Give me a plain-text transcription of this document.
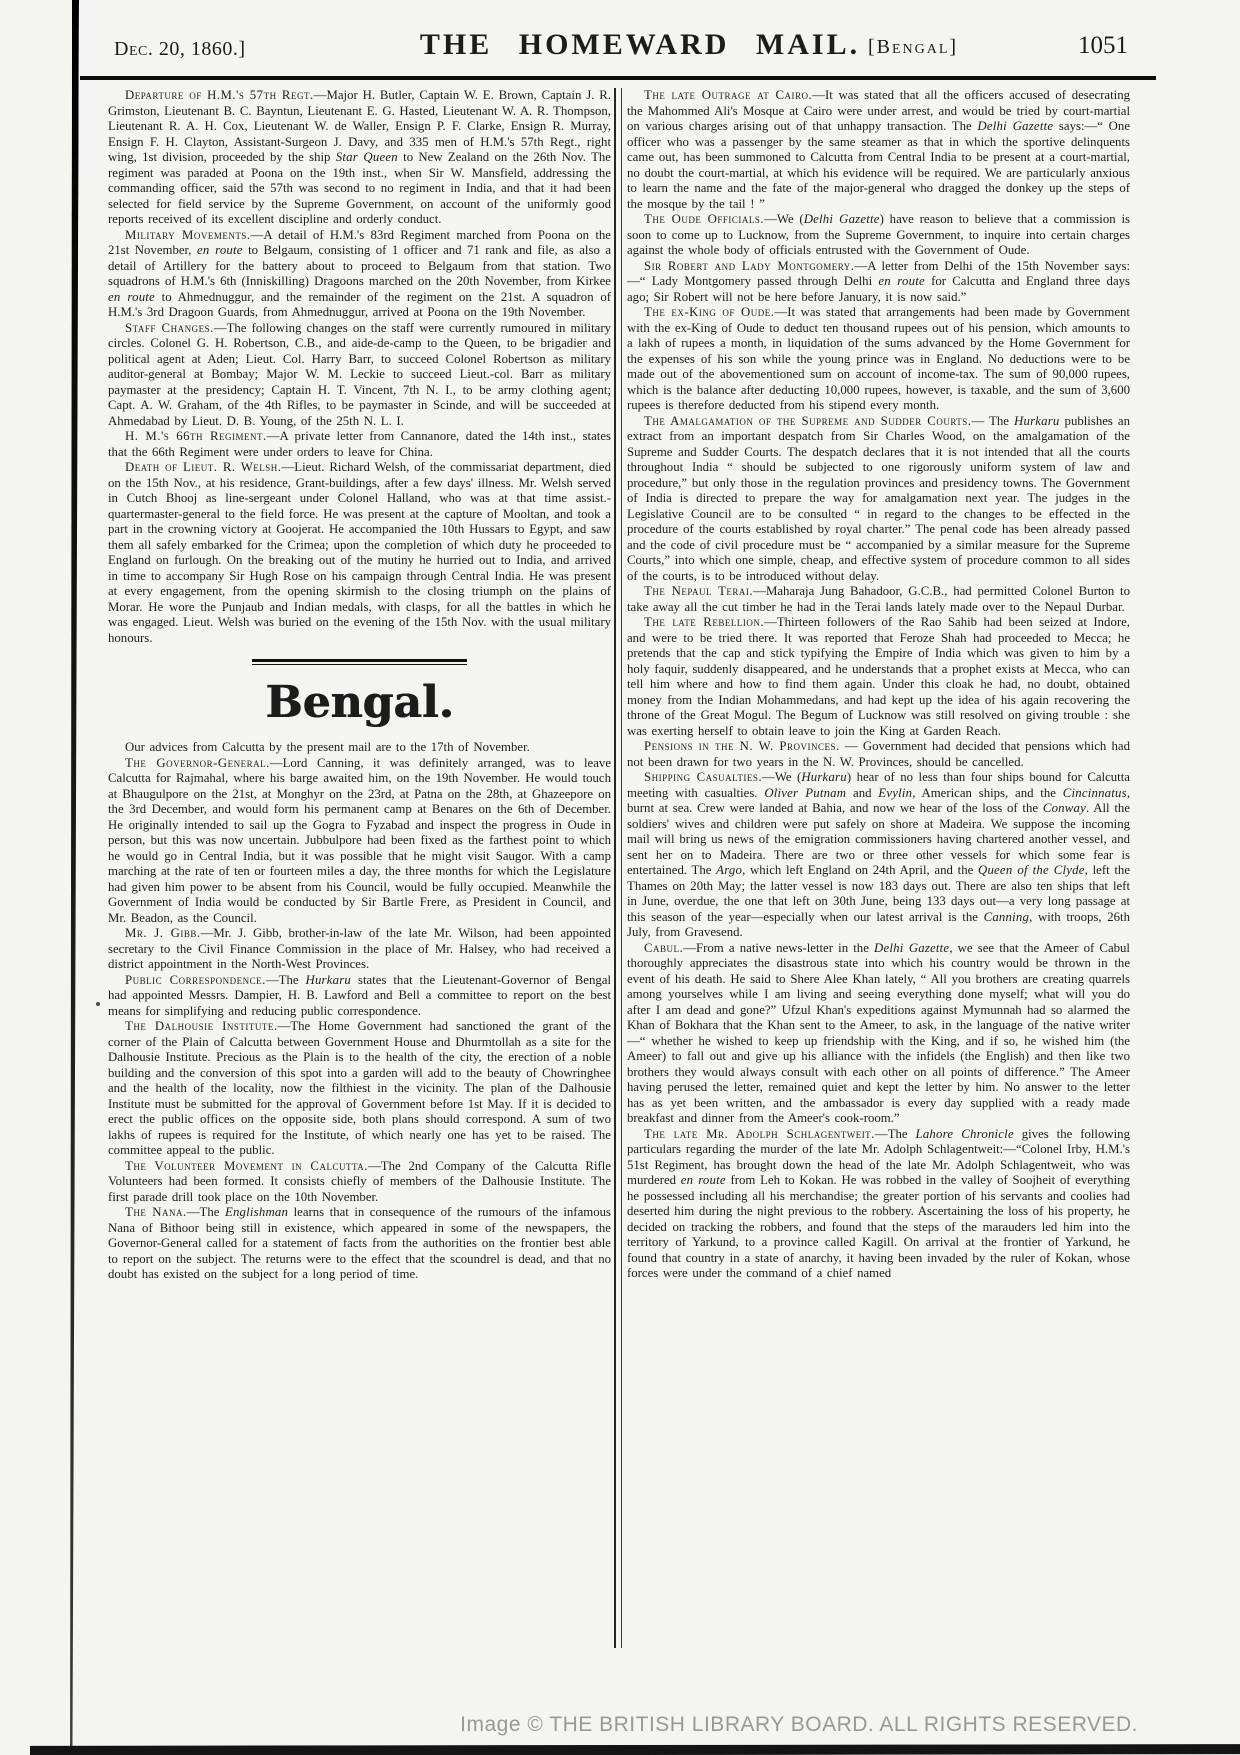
Dec. 20, 1860.]	THE HOMEWARD MAIL. [Bengal]	1051

Departure of H.M.'s 57th Regt.—Major H. Butler, Captain W. E. Brown, Captain J. R. Grimston, Lieutenant B. C. Bayntun, Lieutenant E. G. Hasted, Lieutenant W. A. R. Thompson, Lieutenant R. A. H. Cox, Lieutenant W. de Waller, Ensign P. F. Clarke, Ensign R. Murray, Ensign F. H. Clayton, Assistant-Surgeon J. Davy, and 335 men of H.M.'s 57th Regt., right wing, 1st division, proceeded by the ship Star Queen to New Zealand on the 26th Nov. The regiment was paraded at Poona on the 19th inst., when Sir W. Mansfield, addressing the commanding officer, said the 57th was second to no regiment in India, and that it had been selected for field service by the Supreme Government, on account of the uniformly good reports received of its excellent discipline and orderly conduct.

Military Movements.—A detail of H.M.'s 83rd Regiment marched from Poona on the 21st November, en route to Belgaum, consisting of 1 officer and 71 rank and file, as also a detail of Artillery for the battery about to proceed to Belgaum from that station. Two squadrons of H.M.'s 6th (Inniskilling) Dragoons marched on the 20th November, from Kirkee en route to Ahmednuggur, and the remainder of the regiment on the 21st. A squadron of H.M.'s 3rd Dragoon Guards, from Ahmednuggur, arrived at Poona on the 19th November.

Staff Changes.—The following changes on the staff were currently rumoured in military circles. Colonel G. H. Robertson, C.B., and aide-de-camp to the Queen, to be brigadier and political agent at Aden; Lieut. Col. Harry Barr, to succeed Colonel Robertson as military auditor-general at Bombay; Major W. M. Leckie to succeed Lieut.-col. Barr as military paymaster at the presidency; Captain H. T. Vincent, 7th N. I., to be army clothing agent; Capt. A. W. Graham, of the 4th Rifles, to be paymaster in Scinde, and will be succeeded at Ahmedabad by Lieut. D. B. Young, of the 25th N. L. I.

H. M.'s 66th Regiment.—A private letter from Cannanore, dated the 14th inst., states that the 66th Regiment were under orders to leave for China.

Death of Lieut. R. Welsh.—Lieut. Richard Welsh, of the commissariat department, died on the 15th Nov., at his residence, Grant-buildings, after a few days' illness. Mr. Welsh served in Cutch Bhooj as line-sergeant under Colonel Halland, who was at that time assist.-quartermaster-general to the field force. He was present at the capture of Mooltan, and took a part in the crowning victory at Goojerat. He accompanied the 10th Hussars to Egypt, and saw them all safely embarked for the Crimea; upon the completion of which duty he proceeded to England on furlough. On the breaking out of the mutiny he hurried out to India, and arrived in time to accompany Sir Hugh Rose on his campaign through Central India. He was present at every engagement, from the opening skirmish to the closing triumph on the plains of Morar. He wore the Punjaub and Indian medals, with clasps, for all the battles in which he was engaged. Lieut. Welsh was buried on the evening of the 15th Nov. with the usual military honours.

Bengal.

Our advices from Calcutta by the present mail are to the 17th of November.

The Governor-General.—Lord Canning, it was definitely arranged, was to leave Calcutta for Rajmahal, where his barge awaited him, on the 19th November. He would touch at Bhaugulpore on the 21st, at Monghyr on the 23rd, at Patna on the 28th, at Ghazeepore on the 3rd December, and would form his permanent camp at Benares on the 6th of December. He originally intended to sail up the Gogra to Fyzabad and inspect the progress in Oude in person, but this was now uncertain. Jubbulpore had been fixed as the farthest point to which he would go in Central India, but it was possible that he might visit Saugor. With a camp marching at the rate of ten or fourteen miles a day, the three months for which the Legislature had given him power to be absent from his Council, would be fully occupied. Meanwhile the Government of India would be conducted by Sir Bartle Frere, as President in Council, and Mr. Beadon, as the Council.

Mr. J. Gibb.—Mr. J. Gibb, brother-in-law of the late Mr. Wilson, had been appointed secretary to the Civil Finance Commission in the place of Mr. Halsey, who had received a district appointment in the North-West Provinces.

Public Correspondence.—The Hurkaru states that the Lieutenant-Governor of Bengal had appointed Messrs. Dampier, H. B. Lawford and Bell a committee to report on the best means for simplifying and reducing public correspondence.

The Dalhousie Institute.—The Home Government had sanctioned the grant of the corner of the Plain of Calcutta between Government House and Dhurmtollah as a site for the Dalhousie Institute. Precious as the Plain is to the health of the city, the erection of a noble building and the conversion of this spot into a garden will add to the beauty of Chowringhee and the health of the locality, now the filthiest in the vicinity. The plan of the Dalhousie Institute must be submitted for the approval of Government before 1st May. If it is decided to erect the public offices on the opposite side, both plans should correspond. A sum of two lakhs of rupees is required for the Institute, of which nearly one has yet to be raised. The committee appeal to the public.

The Volunteer Movement in Calcutta.—The 2nd Company of the Calcutta Rifle Volunteers had been formed. It consists chiefly of members of the Dalhousie Institute. The first parade drill took place on the 10th November.

The Nana.—The Englishman learns that in consequence of the rumours of the infamous Nana of Bithoor being still in existence, which appeared in some of the newspapers, the Governor-General called for a statement of facts from the authorities on the frontier best able to report on the subject. The returns were to the effect that the scoundrel is dead, and that no doubt has existed on the subject for a long period of time.

The late Outrage at Cairo.—It was stated that all the officers accused of desecrating the Mahommed Ali's Mosque at Cairo were under arrest, and would be tried by court-martial on various charges arising out of that unhappy transaction. The Delhi Gazette says:—“ One officer who was a passenger by the same steamer as that in which the sportive delinquents came out, has been summoned to Calcutta from Central India to be present at a court-martial, no doubt the court-martial, at which his evidence will be required. We are particularly anxious to learn the name and the fate of the major-general who dragged the donkey up the steps of the mosque by the tail ! ”

The Oude Officials.—We (Delhi Gazette) have reason to believe that a commission is soon to come up to Lucknow, from the Supreme Government, to inquire into certain charges against the whole body of officials entrusted with the Government of Oude.

Sir Robert and Lady Montgomery.—A letter from Delhi of the 15th November says:—“ Lady Montgomery passed through Delhi en route for Calcutta and England three days ago; Sir Robert will not be here before January, it is now said.”

The ex-King of Oude.—It was stated that arrangements had been made by Government with the ex-King of Oude to deduct ten thousand rupees out of his pension, which amounts to a lakh of rupees a month, in liquidation of the sums advanced by the Home Government for the expenses of his son while the young prince was in England. No deductions were to be made out of the abovementioned sum on account of income-tax. The sum of 90,000 rupees, which is the balance after deducting 10,000 rupees, however, is taxable, and the sum of 3,600 rupees is therefore deducted from his stipend every month.

The Amalgamation of the Supreme and Sudder Courts.— The Hurkaru publishes an extract from an important despatch from Sir Charles Wood, on the amalgamation of the Supreme and Sudder Courts. The despatch declares that it is not intended that all the courts throughout India “ should be subjected to one rigorously uniform system of law and procedure,” but only those in the regulation provinces and presidency towns. The Government of India is directed to prepare the way for amalgamation next year. The judges in the Legislative Council are to be consulted “ in regard to the changes to be effected in the procedure of the courts established by royal charter.” The penal code has been already passed and the code of civil procedure must be “ accompanied by a similar measure for the Supreme Courts,” into which one simple, cheap, and effective system of procedure common to all sides of the courts, is to be introduced without delay.

The Nepaul Terai.—Maharaja Jung Bahadoor, G.C.B., had permitted Colonel Burton to take away all the cut timber he had in the Terai lands lately made over to the Nepaul Durbar.

The late Rebellion.—Thirteen followers of the Rao Sahib had been seized at Indore, and were to be tried there. It was reported that Feroze Shah had proceeded to Mecca; he pretends that the cap and stick typifying the Empire of India which was given to him by a holy faquir, suddenly disappeared, and he understands that a prophet exists at Mecca, who can tell him where and how to find them again. Under this cloak he had, no doubt, obtained money from the Indian Mohammedans, and had kept up the idea of his again recovering the throne of the Great Mogul. The Begum of Lucknow was still resolved on giving trouble : she was exerting herself to obtain leave to join the King at Garden Reach.

Pensions in the N. W. Provinces. — Government had decided that pensions which had not been drawn for two years in the N. W. Provinces, should be cancelled.

Shipping Casualties.—We (Hurkaru) hear of no less than four ships bound for Calcutta meeting with casualties. Oliver Putnam and Evylin, American ships, and the Cincinnatus, burnt at sea. Crew were landed at Bahia, and now we hear of the loss of the Conway. All the soldiers' wives and children were put safely on shore at Madeira. We suppose the incoming mail will bring us news of the emigration commissioners having chartered another vessel, and sent her on to Madeira. There are two or three other vessels for which some fear is entertained. The Argo, which left England on 24th April, and the Queen of the Clyde, left the Thames on 20th May; the latter vessel is now 183 days out. There are also ten ships that left in June, overdue, the one that left on 30th June, being 133 days out—a very long passage at this season of the year—especially when our latest arrival is the Canning, with troops, 26th July, from Gravesend.

Cabul.—From a native news-letter in the Delhi Gazette, we see that the Ameer of Cabul thoroughly appreciates the disastrous state into which his country would be thrown in the event of his death. He said to Shere Alee Khan lately, “ All you brothers are creating quarrels among yourselves while I am living and seeing everything done myself; what will you do after I am dead and gone?” Ufzul Khan's expeditions against Mymunnah had so alarmed the Khan of Bokhara that the Khan sent to the Ameer, to ask, in the language of the native writer—“ whether he wished to keep up friendship with the King, and if so, he wished him (the Ameer) to fall out and give up his alliance with the infidels (the English) and then like two brothers they would always consult with each other on all points of difference.” The Ameer having perused the letter, remained quiet and kept the letter by him. No answer to the letter has as yet been written, and the ambassador is every day supplied with a ready made breakfast and dinner from the Ameer's cook-room.”

The late Mr. Adolph Schlagentweit.—The Lahore Chronicle gives the following particulars regarding the murder of the late Mr. Adolph Schlagentweit:—“Colonel Irby, H.M.'s 51st Regiment, has brought down the head of the late Mr. Adolph Schlagentweit, who was murdered en route from Leh to Kokan. He was robbed in the valley of Soojheit of everything he possessed including all his merchandise; the greater portion of his servants and coolies had deserted him during the night previous to the robbery. Ascertaining the loss of his property, he decided on tracking the robbers, and found that the steps of the marauders led him into the territory of Yarkund, to a province called Kagill. On arrival at the frontier of Yarkund, he found that country in a state of anarchy, it having been invaded by the ruler of Kokan, whose forces were under the command of a chief named

Image © THE BRITISH LIBRARY BOARD. ALL RIGHTS RESERVED.
